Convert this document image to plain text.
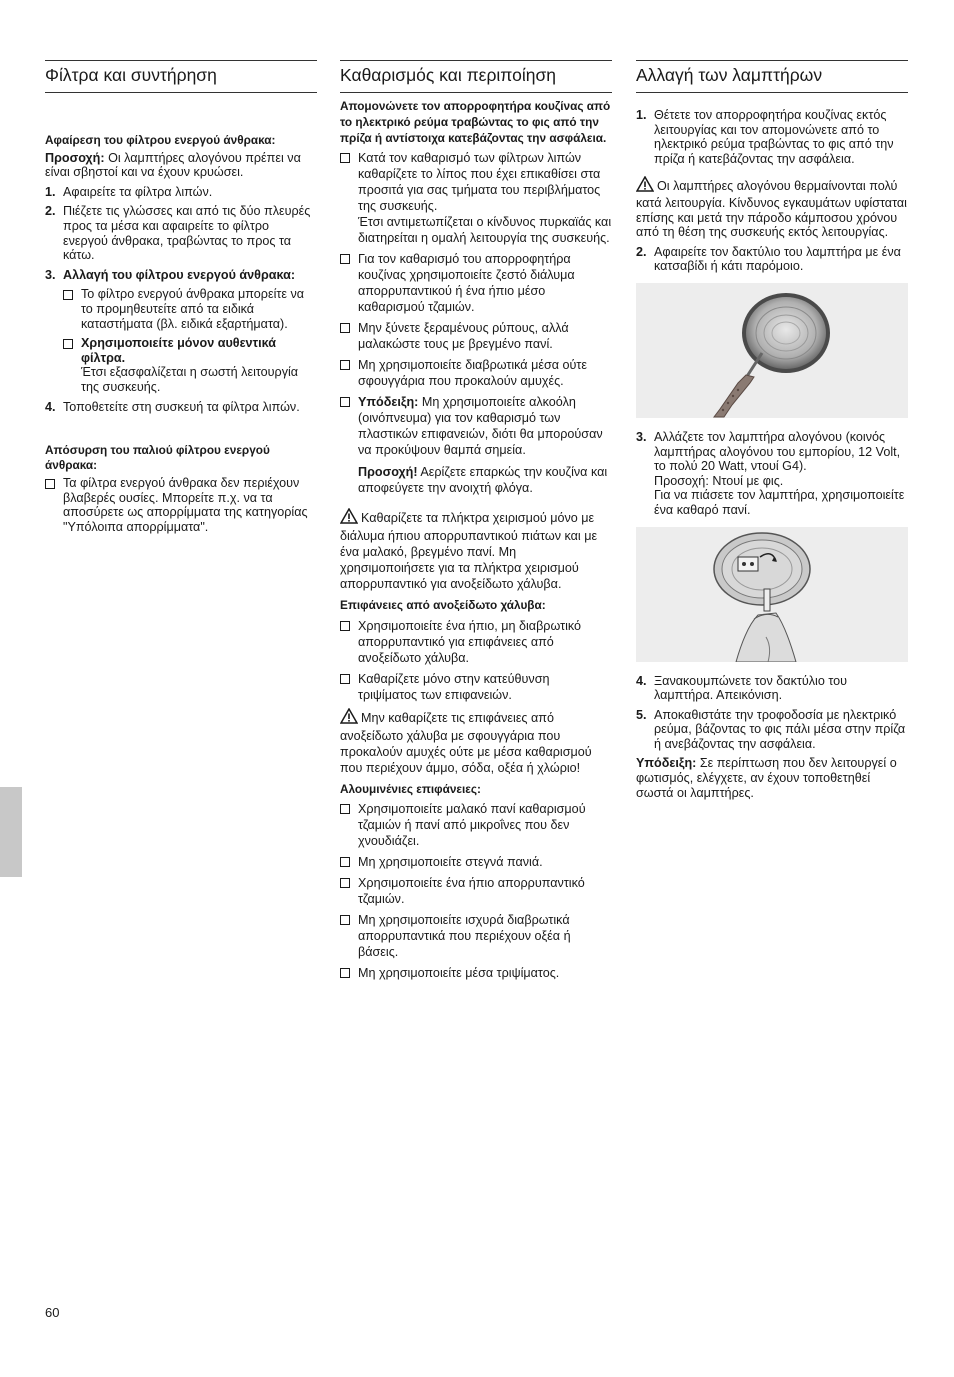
Φίλτρα και συντήρηση

Αφαίρεση του φίλτρου ενεργού άνθρακα:

Προσοχή: Οι λαμπτήρες αλογόνου πρέπει να είναι σβηστοί και να έχουν κρυώσει.

1. Αφαιρείτε τα φίλτρα λιπών.
2. Πιέζετε τις γλώσσες και από τις δύο πλευρές προς τα μέσα και αφαιρείτε το φίλτρο ενεργού άνθρακα, τραβώντας το προς τα κάτω.
3. Αλλαγή του φίλτρου ενεργού άνθρακα:
Το φίλτρο ενεργού άνθρακα μπορείτε να το προμηθευτείτε από τα ειδικά καταστήματα (βλ. ειδικά εξαρτήματα).
Χρησιμοποιείτε μόνον αυθεντικά φίλτρα.
Έτσι εξασφαλίζεται η σωστή λειτουργία της συσκευής.
4. Τοποθετείτε στη συσκευή τα φίλτρα λιπών.

Απόσυρση του παλιού φίλτρου ενεργού άνθρακα:

Τα φίλτρα ενεργού άνθρακα δεν περιέχουν βλαβερές ουσίες. Μπορείτε π.χ. να τα αποσύρετε ως απορρίμματα της κατηγορίας "Υπόλοιπα απορρίμματα".
Καθαρισμός και περιποίηση

Απομονώνετε τον απορροφητήρα κουζίνας από το ηλεκτρικό ρεύμα τραβώντας το φις από την πρίζα ή αντίστοιχα κατεβάζοντας την ασφάλεια.

Κατά τον καθαρισμό των φίλτρων λιπών καθαρίζετε το λίπος που έχει επικαθίσει στα προσιτά για σας τμήματα του περιβλήματος της συσκευής.
Έτσι αντιμετωπίζεται ο κίνδυνος πυρκαϊάς και διατηρείται η ομαλή λειτουργία της συσκευής.
Για τον καθαρισμό του απορροφητήρα κουζίνας χρησιμοποιείτε ζεστό διάλυμα απορρυπαντικού ή ένα ήπιο μέσο καθαρισμού τζαμιών.
Μην ξύνετε ξεραμένους ρύπους, αλλά μαλακώστε τους με βρεγμένο πανί.
Μη χρησιμοποιείτε διαβρωτικά μέσα ούτε σφουγγάρια που προκαλούν αμυχές.
Υπόδειξη: Μη χρησιμοποιείτε αλκοόλη (οινόπνευμα) για τον καθαρισμό των πλαστικών επιφανειών, διότι θα μπορούσαν να προκύψουν θαμπά σημεία.
Προσοχή! Αερίζετε επαρκώς την κουζίνα και αποφεύγετε την ανοιχτή φλόγα.

Καθαρίζετε τα πλήκτρα χειρισμού μόνο με διάλυμα ήπιου απορρυπαντικού πιάτων και με ένα μαλακό, βρεγμένο πανί. Μη χρησιμοποιήσετε για τα πλήκτρα χειρισμού απορρυπαντικό για ανοξείδωτο χάλυβα.

Επιφάνειες από ανοξείδωτο χάλυβα:

Χρησιμοποιείτε ένα ήπιο, μη διαβρωτικό απορρυπαντικό για επιφάνειες από ανοξείδωτο χάλυβα.
Καθαρίζετε μόνο στην κατεύθυνση τριψίματος των επιφανειών.

Μην καθαρίζετε τις επιφάνειες από ανοξείδωτο χάλυβα με σφουγγάρια που προκαλούν αμυχές ούτε με μέσα καθαρισμού που περιέχουν άμμο, σόδα, οξέα ή χλώριο!

Αλουμινένιες επιφάνειες:

Χρησιμοποιείτε μαλακό πανί καθαρισμού τζαμιών ή πανί από μικροΐνες που δεν χνουδιάζει.
Μη χρησιμοποιείτε στεγνά πανιά.
Χρησιμοποιείτε ένα ήπιο απορρυπαντικό τζαμιών.
Μη χρησιμοποιείτε ισχυρά διαβρωτικά απορρυπαντικά που περιέχουν οξέα ή βάσεις.
Μη χρησιμοποιείτε μέσα τριψίματος.
Αλλαγή των λαμπτήρων
1. Θέτετε τον απορροφητήρα κουζίνας εκτός λειτουργίας και τον απομονώνετε από το ηλεκτρικό ρεύμα τραβώντας το φις από την πρίζα ή κατεβάζοντας την ασφάλεια.

Οι λαμπτήρες αλογόνου θερμαίνονται πολύ κατά λειτουργία. Κίνδυνος εγκαυμάτων υφίσταται επίσης και μετά την πάροδο κάμποσου χρόνου από τη θέση της συσκευής εκτός λειτουργίας.

2. Αφαιρείτε τον δακτύλιο του λαμπτήρα με ένα κατσαβίδι ή κάτι παρόμοιο.
3. Αλλάζετε τον λαμπτήρα αλογόνου (κοινός λαμπτήρας αλογόνου του εμπορίου, 12 Volt, το πολύ 20 Watt, ντουί G4).
Προσοχή: Ντουί με φις.
Για να πιάσετε τον λαμπτήρα, χρησιμοποιείτε ένα καθαρό πανί.
4. Ξανακουμπώνετε τον δακτύλιο του λαμπτήρα. Απεικόνιση.
5. Αποκαθιστάτε την τροφοδοσία με ηλεκτρικό ρεύμα, βάζοντας το φις πάλι μέσα στην πρίζα ή ανεβάζοντας την ασφάλεια.

Υπόδειξη: Σε περίπτωση που δεν λειτουργεί ο φωτισμός, ελέγχετε, αν έχουν τοποθετηθεί σωστά οι λαμπτήρες.

60
